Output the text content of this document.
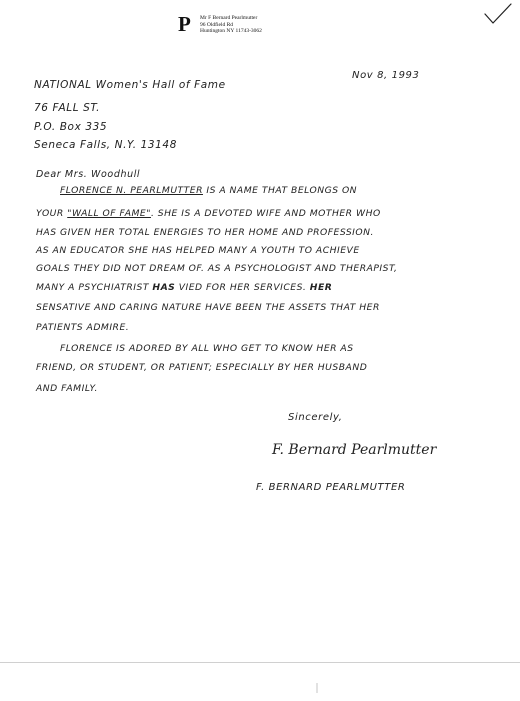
P Mr F Bernard Pearlmutter
96 Oldfield Rd
Huntington NY 11743-3062
Nov 8, 1993
NATIONAL Women's Hall of Fame
76 FALL ST.
P.O. Box 335
Seneca Falls, N.Y. 13148
Dear Mrs. Woodhull
FLORENCE N. PEARLMUTTER IS A NAME THAT BELONGS ON
YOUR "WALL OF FAME". SHE IS A DEVOTED WIFE AND MOTHER WHO
HAS GIVEN HER TOTAL ENERGIES TO HER HOME AND PROFESSION.
AS AN EDUCATOR SHE HAS HELPED MANY A YOUTH TO ACHIEVE
GOALS THEY DID NOT DREAM OF. AS A PSYCHOLOGIST AND THERAPIST,
MANY A PSYCHIATRIST HAS VIED FOR HER SERVICES. HER
SENSATIVE AND CARING NATURE HAVE BEEN THE ASSETS THAT HER
PATIENTS ADMIRE.
FLORENCE IS ADORED BY ALL WHO GET TO KNOW HER AS
FRIEND, OR STUDENT, OR PATIENT; ESPECIALLY BY HER HUSBAND
AND FAMILY.
Sincerely,
F. Bernard Pearlmutter
F. BERNARD PEARLMUTTER
